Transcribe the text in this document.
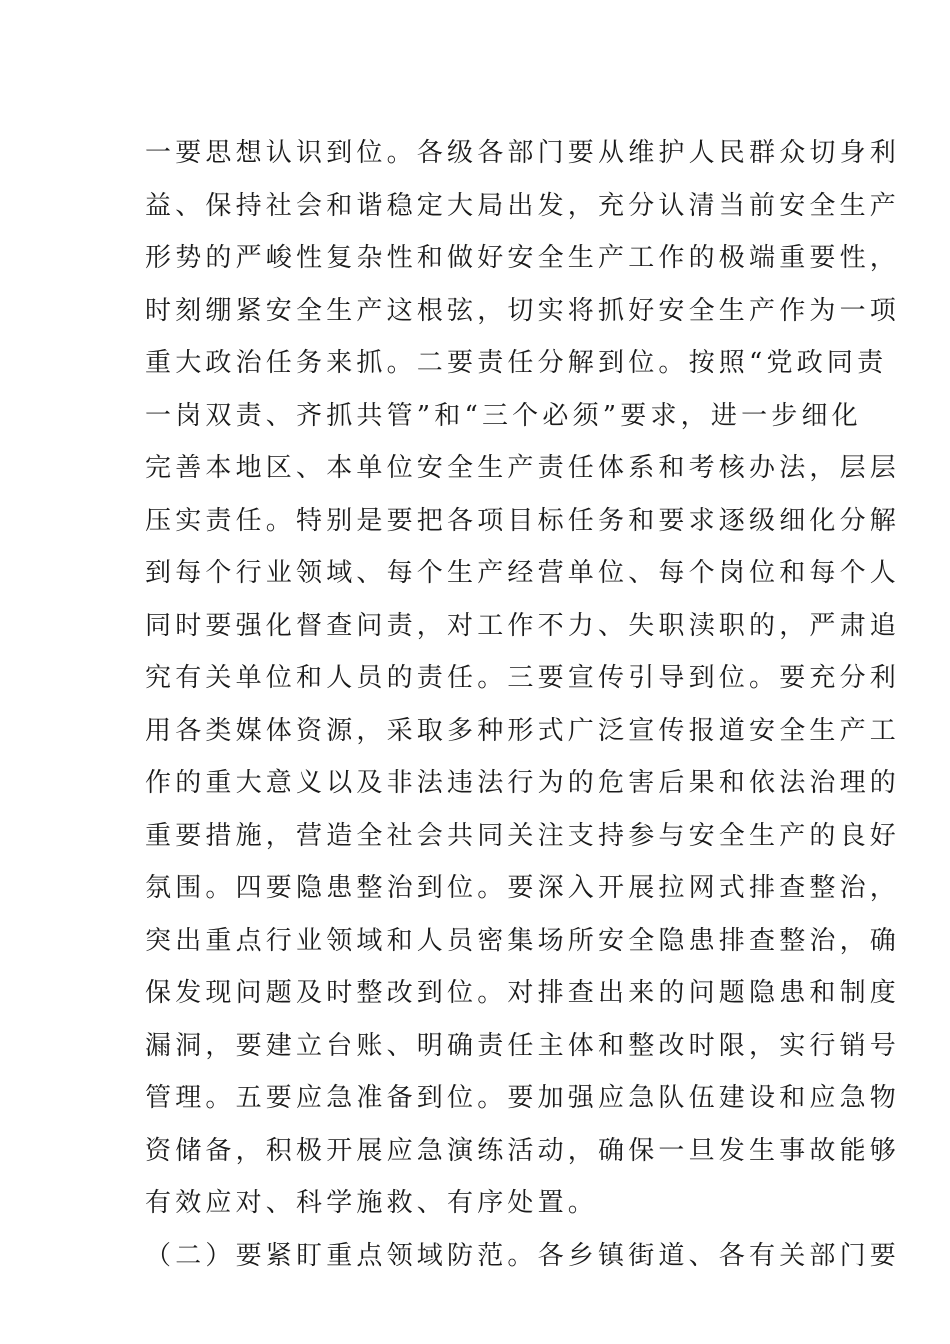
一要思想认识到位。各级各部门要从维护人民群众切身利
益、保持社会和谐稳定大局出发，充分认清当前安全生产
形势的严峻性复杂性和做好安全生产工作的极端重要性，
时刻绷紧安全生产这根弦，切实将抓好安全生产作为一项
重大政治任务来抓。二要责任分解到位。按照“党政同责
一岗双责、齐抓共管”和“三个必须”要求，进一步细化
完善本地区、本单位安全生产责任体系和考核办法，层层
压实责任。特别是要把各项目标任务和要求逐级细化分解
到每个行业领域、每个生产经营单位、每个岗位和每个人
同时要强化督查问责，对工作不力、失职渎职的，严肃追
究有关单位和人员的责任。三要宣传引导到位。要充分利
用各类媒体资源，采取多种形式广泛宣传报道安全生产工
作的重大意义以及非法违法行为的危害后果和依法治理的
重要措施，营造全社会共同关注支持参与安全生产的良好
氛围。四要隐患整治到位。要深入开展拉网式排查整治，
突出重点行业领域和人员密集场所安全隐患排查整治，确
保发现问题及时整改到位。对排查出来的问题隐患和制度
漏洞，要建立台账、明确责任主体和整改时限，实行销号
管理。五要应急准备到位。要加强应急队伍建设和应急物
资储备，积极开展应急演练活动，确保一旦发生事故能够
有效应对、科学施救、有序处置。
（二）要紧盯重点领域防范。各乡镇街道、各有关部门要
